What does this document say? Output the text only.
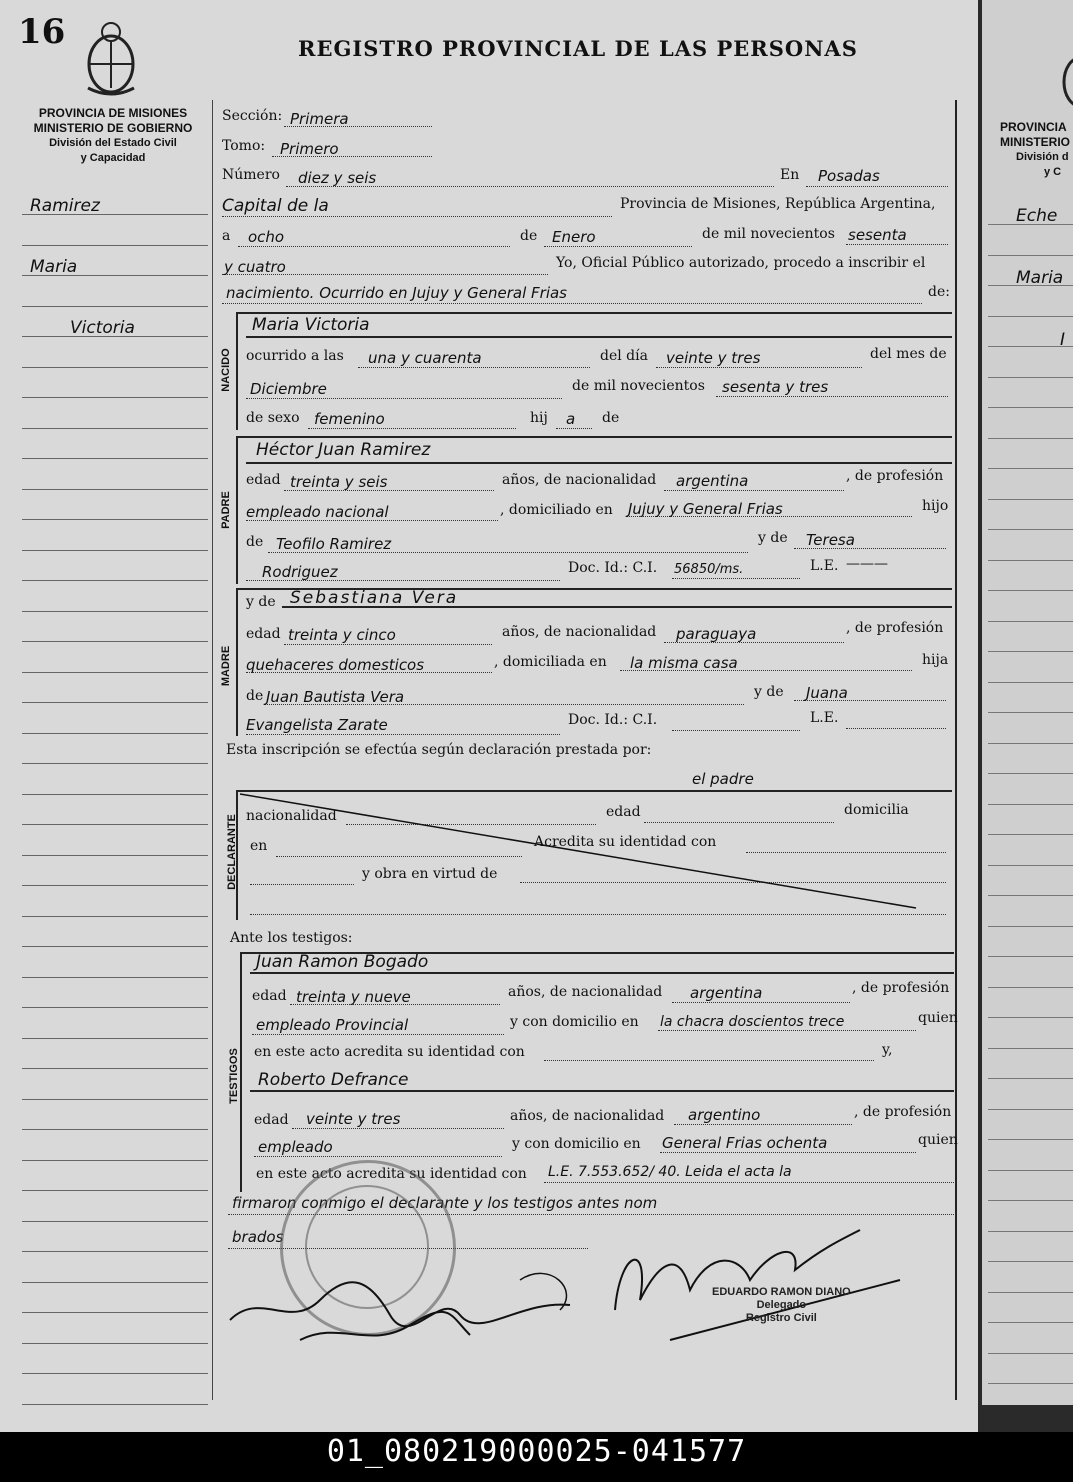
16	REGISTRO PROVINCIAL DE LAS PERSONAS
PROVINCIA DE MISIONES
MINISTERIO DE GOBIERNO
División del Estado Civil
y Capacidad
Ramirez
Maria
Victoria
Sección: Primera
Tomo: Primero
Número diez y seis	En Posadas
Capital de la	Provincia de Misiones, República Argentina,
a ocho	de Enero	de mil novecientos sesenta
y cuatro	Yo, Oficial Público autorizado, procedo a inscribir el
nacimiento. Ocurrido en Jujuy y General Frias	de:
NACIDO
Maria Victoria
ocurrido a las una y cuarenta	del día veinte y tres	del mes de
Diciembre	de mil novecientos sesenta y tres
de sexo femenino	hij a de
PADRE
Héctor Juan Ramirez
edad treinta y seis	años, de nacionalidad argentina	, de profesión
empleado nacional	, domiciliado en Jujuy y General Frias	hijo
de Teofilo Ramirez	y de Teresa
Rodriguez	Doc. Id.: C.I. 56850/ms.	L.E. ———
MADRE
y de Sebastiana Vera
edad treinta y cinco	años, de nacionalidad paraguaya	, de profesión
quehaceres domesticos	, domiciliada en la misma casa	hija
de Juan Bautista Vera	y de Juana
Evangelista Zarate	Doc. Id.: C.I.	L.E.
Esta inscripción se efectúa según declaración prestada por:
el padre
DECLARANTE nacionalidad	edad	domicilia
en	Acredita su identidad con
y obra en virtud de
Ante los testigos:
TESTIGOS
Juan Ramon Bogado
edad treinta y nueve	años, de nacionalidad argentina	, de profesión
empleado Provincial	y con domicilio en la chacra doscientos trece	quien
en este acto acredita su identidad con	y,
Roberto Defrance
edad veinte y tres	años, de nacionalidad argentino	, de profesión
empleado	y con domicilio en General Frias ochenta	quien
en este acto acredita su identidad con L.E. 7.553.652/ 40. Leida el acta la
firmaron conmigo el declarante y los testigos antes nom
brados
EDUARDO RAMON DIANO
Delegado
Registro Civil
PROVINCIA
MINISTERIO
División d
y C
Eche
Maria
I
01_080219000025-041577
